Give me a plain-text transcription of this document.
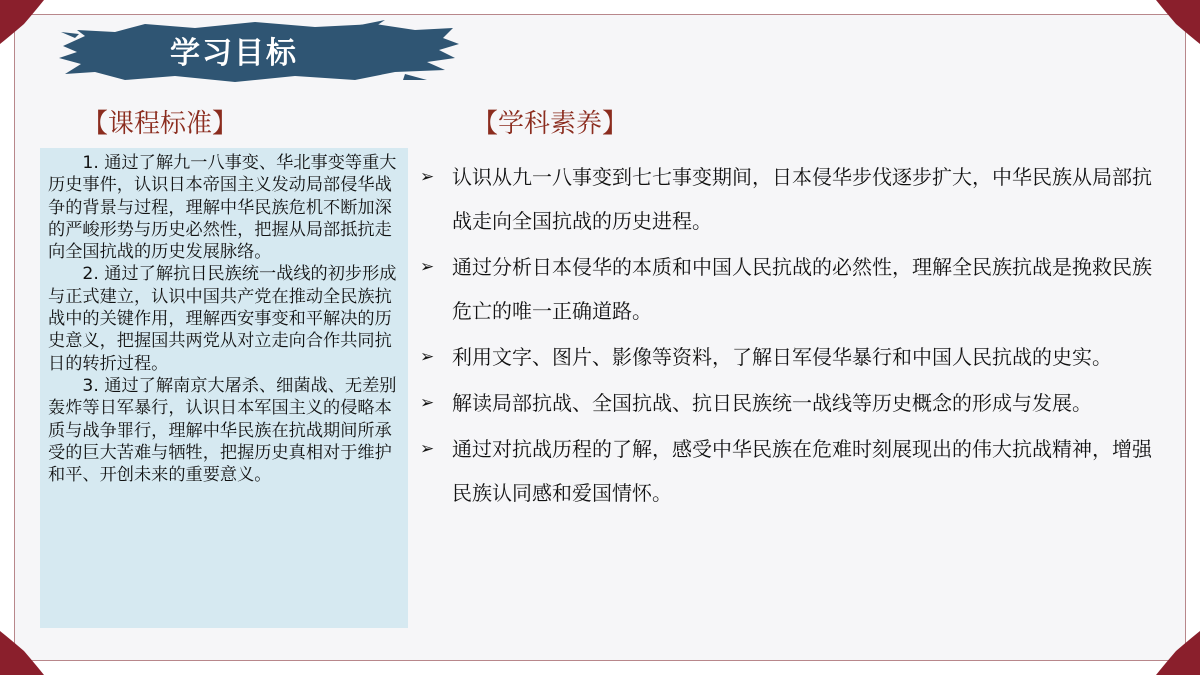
学习目标
【课程标准】	【学科素养】

1. 通过了解九一八事变、华北事变等重大历史事件，认识日本帝国主义发动局部侵华战争的背景与过程，理解中华民族危机不断加深的严峻形势与历史必然性，把握从局部抵抗走向全国抗战的历史发展脉络。

2. 通过了解抗日民族统一战线的初步形成与正式建立，认识中国共产党在推动全民族抗战中的关键作用，理解西安事变和平解决的历史意义，把握国共两党从对立走向合作共同抗日的转折过程。

3. 通过了解南京大屠杀、细菌战、无差别轰炸等日军暴行，认识日本军国主义的侵略本质与战争罪行，理解中华民族在抗战期间所承受的巨大苦难与牺牲，把握历史真相对于维护和平、开创未来的重要意义。

➢ 认识从九一八事变到七七事变期间，日本侵华步伐逐步扩大，中华民族从局部抗战走向全国抗战的历史进程。
➢ 通过分析日本侵华的本质和中国人民抗战的必然性，理解全民族抗战是挽救民族危亡的唯一正确道路。
➢ 利用文字、图片、影像等资料，了解日军侵华暴行和中国人民抗战的史实。
➢ 解读局部抗战、全国抗战、抗日民族统一战线等历史概念的形成与发展。
➢ 通过对抗战历程的了解，感受中华民族在危难时刻展现出的伟大抗战精神，增强民族认同感和爱国情怀。
